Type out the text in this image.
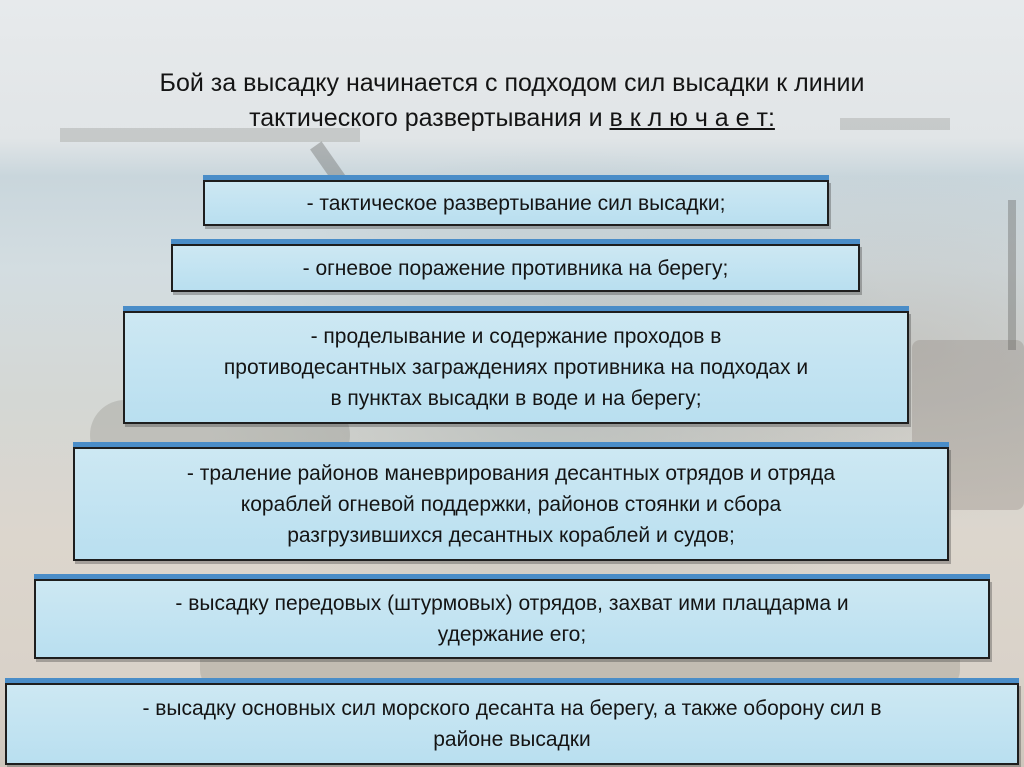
Бой за высадку начинается с подходом сил высадки к линии
тактического развертывания и в к л ю ч а е т:
- тактическое развертывание сил высадки;
- огневое поражение противника на берегу;
- проделывание и содержание проходов в
противодесантных заграждениях противника на подходах и
в пунктах высадки в воде и на берегу;
- траление районов маневрирования десантных отрядов и отряда
кораблей огневой поддержки, районов стоянки и сбора
разгрузившихся десантных кораблей и судов;
- высадку передовых (штурмовых) отрядов, захват ими плацдарма и
удержание его;
- высадку основных сил морского десанта на берегу, а также оборону сил в
районе высадки
